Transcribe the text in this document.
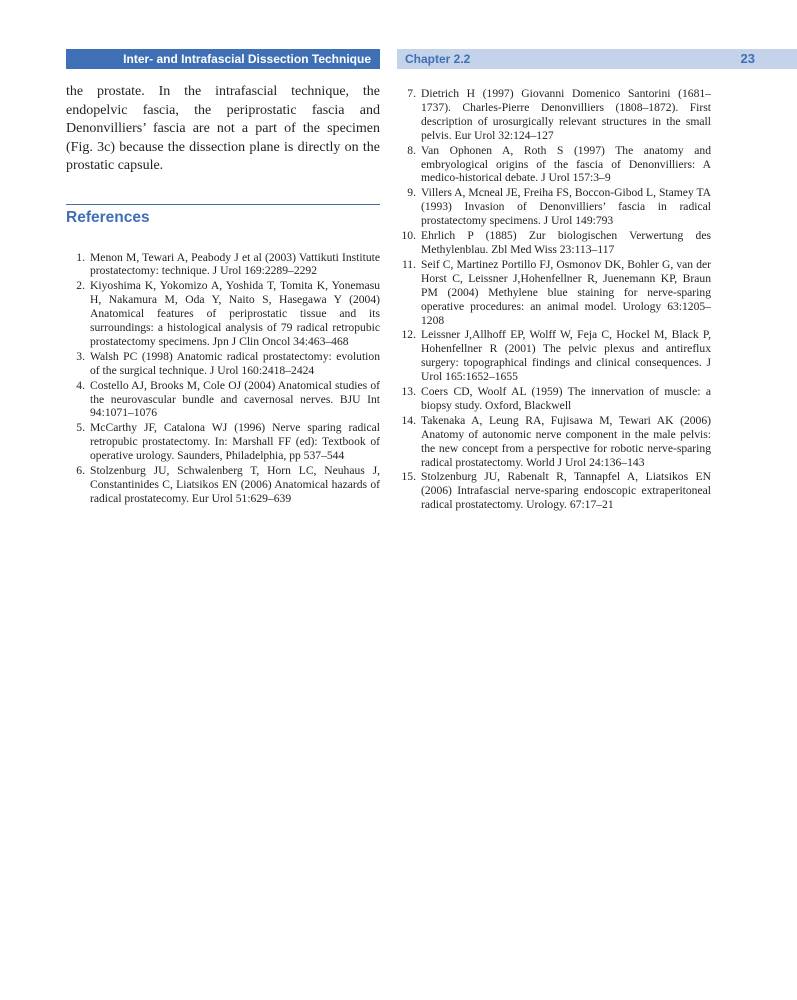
Inter- and Intrafascial Dissection Technique	Chapter 2.2	23

the prostate. In the intrafascial technique, the endopelvic fascia, the periprostatic fascia and Denonvilliers’ fascia are not a part of the specimen (Fig. 3c) because the dissection plane is directly on the prostatic capsule.

References
1. Menon M, Tewari A, Peabody J et al (2003) Vattikuti Institute prostatectomy: technique. J Urol 169:2289–2292
2. Kiyoshima K, Yokomizo A, Yoshida T, Tomita K, Yonemasu H, Nakamura M, Oda Y, Naito S, Hasegawa Y (2004) Anatomical features of periprostatic tissue and its surroundings: a histological analysis of 79 radical retropubic prostatectomy specimens. Jpn J Clin Oncol 34:463–468
3. Walsh PC (1998) Anatomic radical prostatectomy: evolution of the surgical technique. J Urol 160:2418–2424
4. Costello AJ, Brooks M, Cole OJ (2004) Anatomical studies of the neurovascular bundle and cavernosal nerves. BJU Int 94:1071–1076
5. McCarthy JF, Catalona WJ (1996) Nerve sparing radical retropubic prostatectomy. In: Marshall FF (ed): Textbook of operative urology. Saunders, Philadelphia, pp 537–544
6. Stolzenburg JU, Schwalenberg T, Horn LC, Neuhaus J, Constantinides C, Liatsikos EN (2006) Anatomical hazards of radical prostatecomy. Eur Urol 51:629–639
7. Dietrich H (1997) Giovanni Domenico Santorini (1681–1737). Charles-Pierre Denonvilliers (1808–1872). First description of urosurgically relevant structures in the small pelvis. Eur Urol 32:124–127
8. Van Ophonen A, Roth S (1997) The anatomy and embryological origins of the fascia of Denonvilliers: A medico-historical debate. J Urol 157:3–9
9. Villers A, Mcneal JE, Freiha FS, Boccon-Gibod L, Stamey TA (1993) Invasion of Denonvilliers’ fascia in radical prostatectomy specimens. J Urol 149:793
10. Ehrlich P (1885) Zur biologischen Verwertung des Methylenblau. Zbl Med Wiss 23:113–117
11. Seif C, Martinez Portillo FJ, Osmonov DK, Bohler G, van der Horst C, Leissner J,Hohenfellner R, Juenemann KP, Braun PM (2004) Methylene blue staining for nerve-sparing operative procedures: an animal model. Urology 63:1205–1208
12. Leissner J,Allhoff EP, Wolff W, Feja C, Hockel M, Black P, Hohenfellner R (2001) The pelvic plexus and antireflux surgery: topographical findings and clinical consequences. J Urol 165:1652–1655
13. Coers CD, Woolf AL (1959) The innervation of muscle: a biopsy study. Oxford, Blackwell
14. Takenaka A, Leung RA, Fujisawa M, Tewari AK (2006) Anatomy of autonomic nerve component in the male pelvis: the new concept from a perspective for robotic nerve-sparing radical prostatectomy. World J Urol 24:136–143
15. Stolzenburg JU, Rabenalt R, Tannapfel A, Liatsikos EN (2006) Intrafascial nerve-sparing endoscopic extraperitoneal radical prostatectomy. Urology. 67:17–21
